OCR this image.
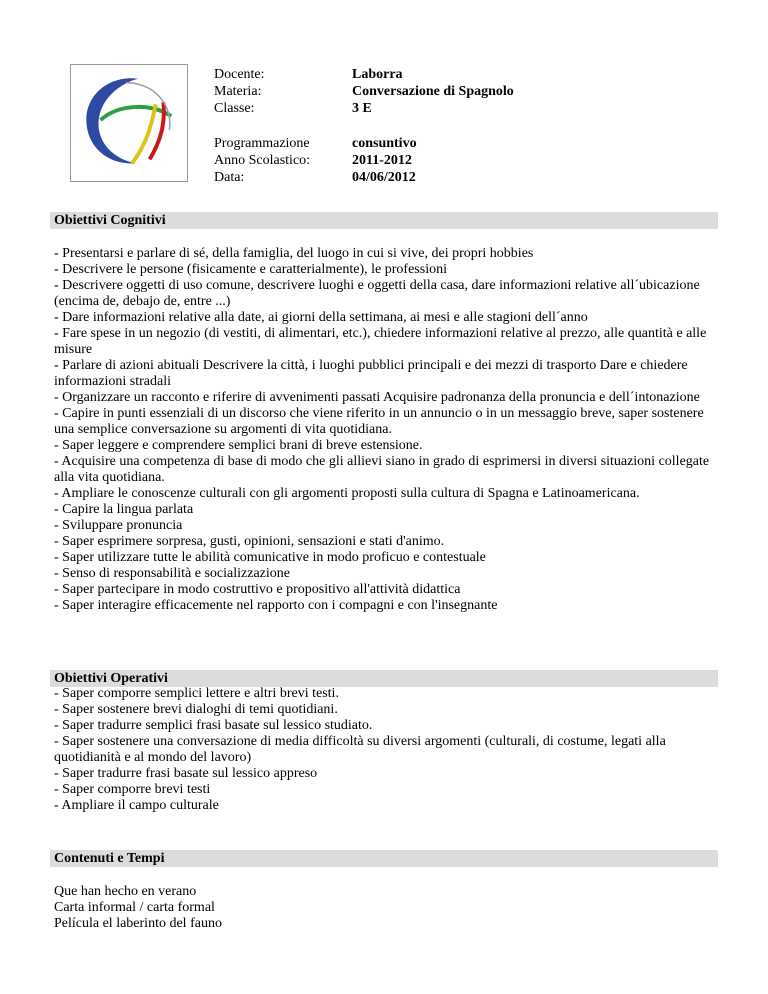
Docente:	Laborra
Materia:	Conversazione di Spagnolo
Classe:	3 E
Programmazione	consuntivo
Anno Scolastico:	2011-2012
Data:	04/06/2012
Obiettivi Cognitivi
- Presentarsi e parlare di sé, della famiglia, del luogo in cui si vive, dei propri hobbies
- Descrivere le persone (fisicamente e caratterialmente), le professioni
- Descrivere oggetti di uso comune, descrivere luoghi e oggetti della casa, dare informazioni relative all´ubicazione (encima de, debajo de, entre ...)
- Dare informazioni relative alla date, ai giorni della settimana, ai mesi e alle stagioni dell´anno
- Fare spese in un negozio (di vestiti, di alimentari, etc.), chiedere informazioni relative al prezzo, alle quantità e alle misure
- Parlare di azioni abituali Descrivere la città, i luoghi pubblici principali e dei mezzi di trasporto Dare e chiedere informazioni stradali
- Organizzare un racconto e riferire di avvenimenti passati Acquisire padronanza della pronuncia e dell´intonazione
- Capire in punti essenziali di un discorso che viene riferito in un annuncio o in un messaggio breve, saper sostenere una semplice conversazione su argomenti di vita quotidiana.
- Saper leggere e comprendere semplici brani di breve estensione.
- Acquisire una competenza di base di modo che gli allievi siano in grado di esprimersi in diversi situazioni collegate alla vita quotidiana.
- Ampliare le conoscenze culturali con gli argomenti proposti sulla cultura di Spagna e Latinoamericana.
- Capire la lingua parlata
- Sviluppare pronuncia
- Saper esprimere sorpresa, gusti, opinioni, sensazioni e stati d'animo.
- Saper utilizzare tutte le abilità comunicative in modo proficuo e contestuale
- Senso di responsabilità e socializzazione
- Saper partecipare in modo costruttivo e propositivo all'attività didattica
- Saper interagire efficacemente nel rapporto con i compagni e con l'insegnante
Obiettivi Operativi
- Saper comporre semplici lettere e altri brevi testi.
- Saper sostenere brevi dialoghi di temi quotidiani.
- Saper tradurre semplici frasi basate sul lessico studiato.
- Saper sostenere una conversazione di media difficoltà su diversi argomenti (culturali, di costume, legati alla quotidianità e al mondo del lavoro)
- Saper tradurre frasi basate sul lessico appreso
- Saper comporre brevi testi
- Ampliare il campo culturale
Contenuti e Tempi
Que han hecho en verano
Carta informal / carta formal
Película el laberinto del fauno
